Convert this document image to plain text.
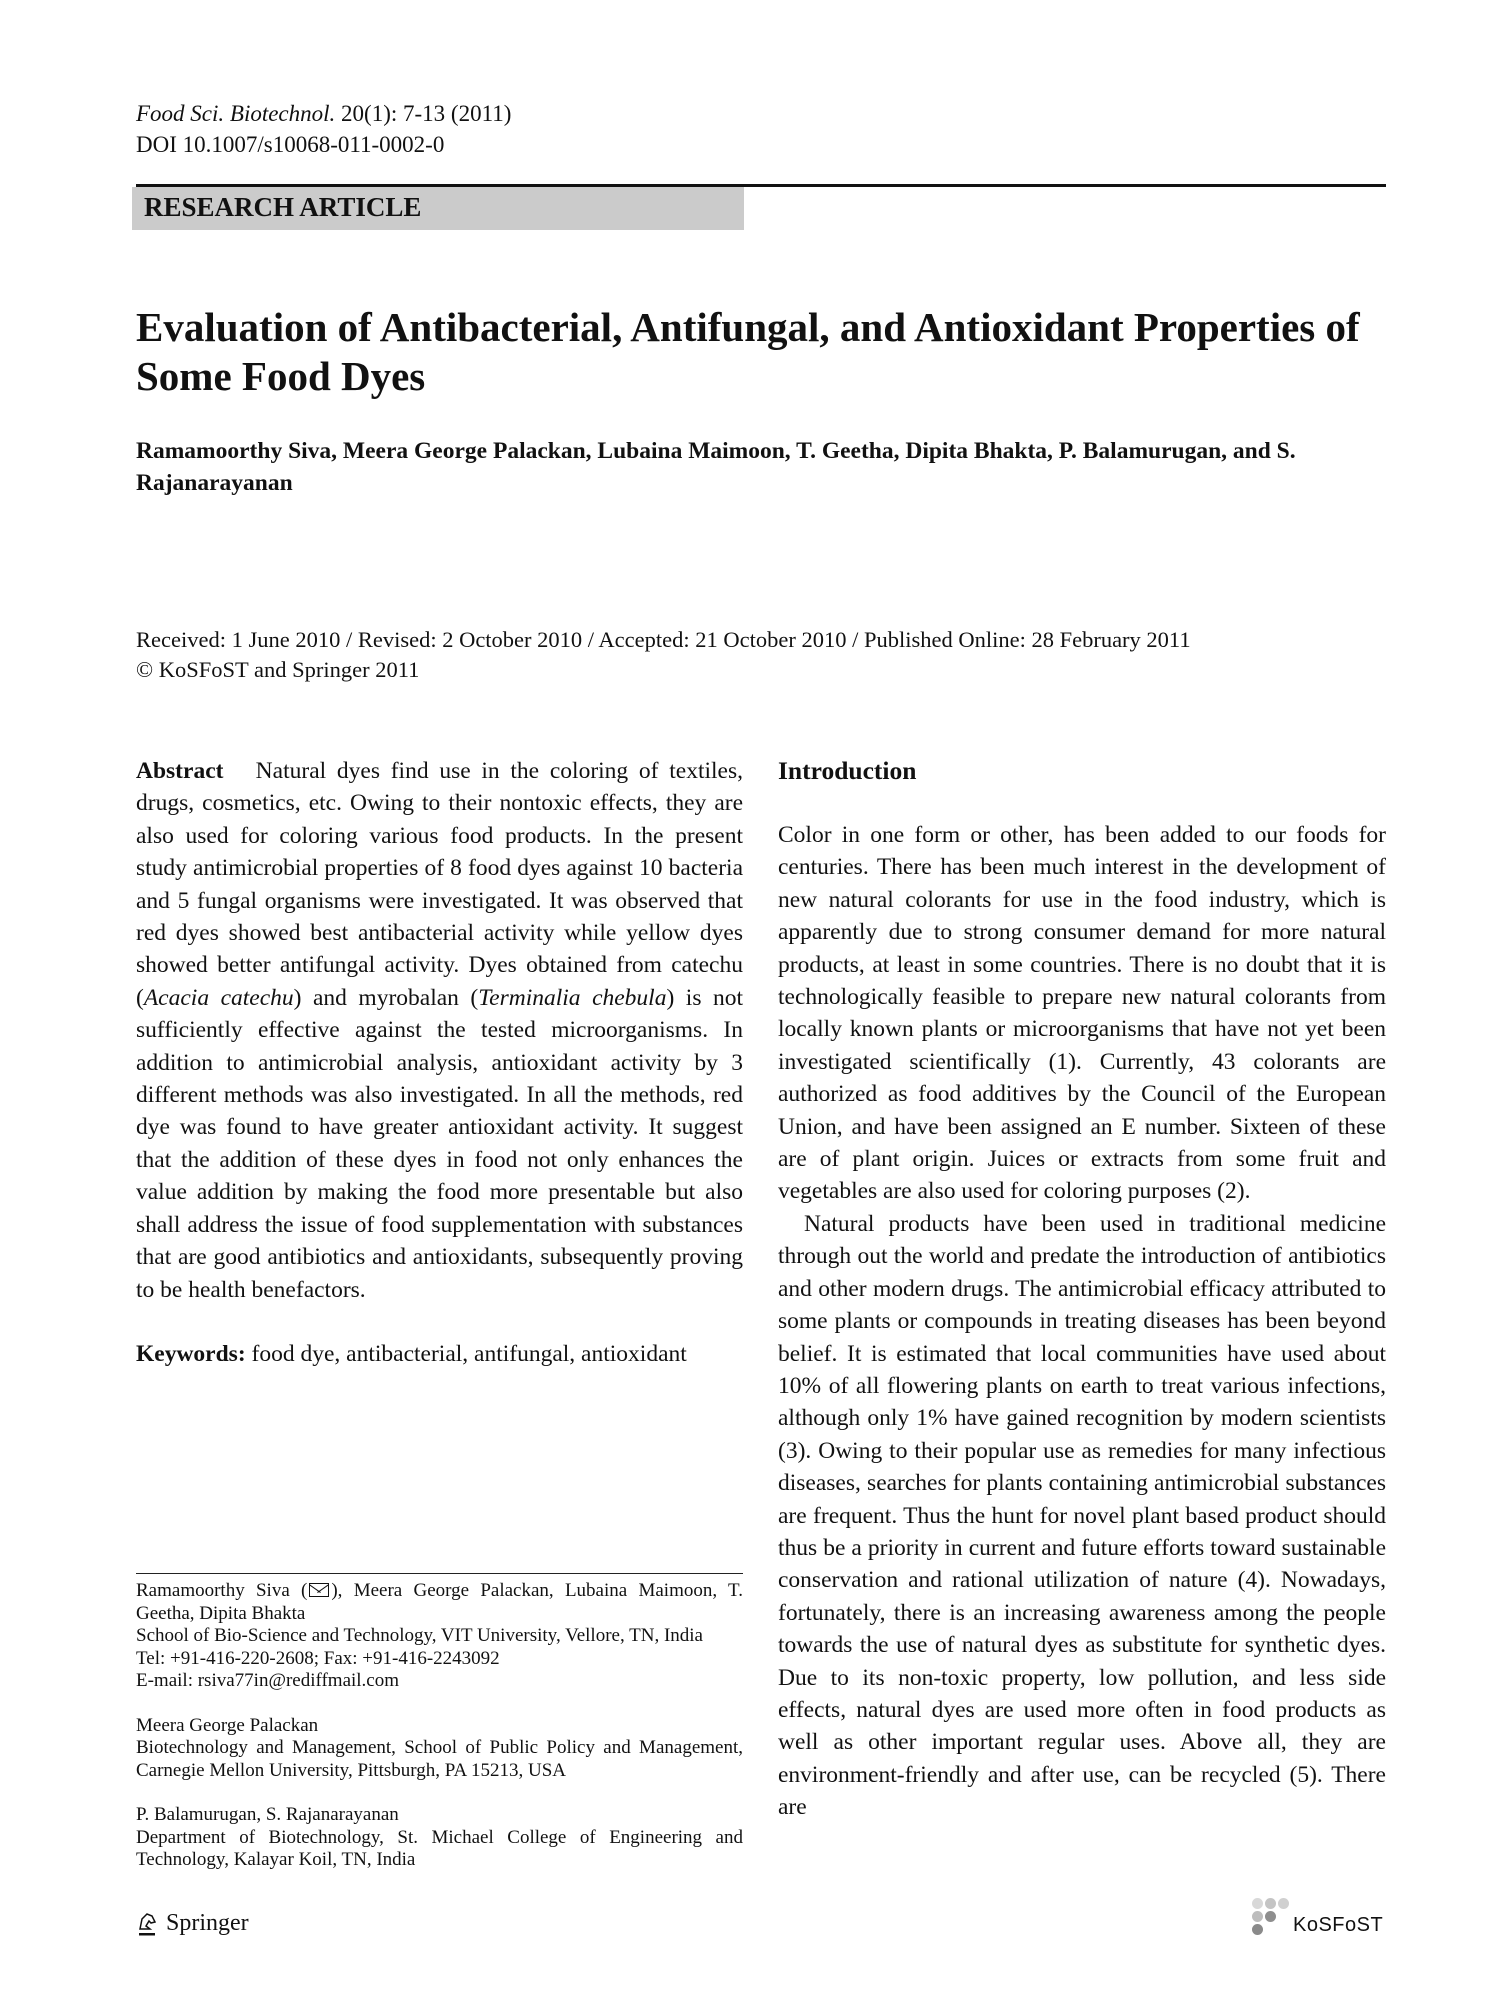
Food Sci. Biotechnol. 20(1): 7-13 (2011)
DOI 10.1007/s10068-011-0002-0
RESEARCH ARTICLE
Evaluation of Antibacterial, Antifungal, and Antioxidant Properties of Some Food Dyes
Ramamoorthy Siva, Meera George Palackan, Lubaina Maimoon, T. Geetha, Dipita Bhakta, P. Balamurugan, and S. Rajanarayanan
Received: 1 June 2010 / Revised: 2 October 2010 / Accepted: 21 October 2010 / Published Online: 28 February 2011
© KoSFoST and Springer 2011

Abstract   Natural dyes find use in the coloring of textiles, drugs, cosmetics, etc. Owing to their nontoxic effects, they are also used for coloring various food products. In the present study antimicrobial properties of 8 food dyes against 10 bacteria and 5 fungal organisms were investigated. It was observed that red dyes showed best antibacterial activity while yellow dyes showed better antifungal activity. Dyes obtained from catechu (Acacia catechu) and myrobalan (Terminalia chebula) is not sufficiently effective against the tested microorganisms. In addition to antimicrobial analysis, antioxidant activity by 3 different methods was also investigated. In all the methods, red dye was found to have greater antioxidant activity. It suggest that the addition of these dyes in food not only enhances the value addition by making the food more presentable but also shall address the issue of food supplementation with substances that are good antibiotics and antioxidants, subsequently proving to be health benefactors.

Keywords: food dye, antibacterial, antifungal, antioxidant

Introduction

Color in one form or other, has been added to our foods for centuries. There has been much interest in the development of new natural colorants for use in the food industry, which is apparently due to strong consumer demand for more natural products, at least in some countries. There is no doubt that it is technologically feasible to prepare new natural colorants from locally known plants or microorganisms that have not yet been investigated scientifically (1). Currently, 43 colorants are authorized as food additives by the Council of the European Union, and have been assigned an E number. Sixteen of these are of plant origin. Juices or extracts from some fruit and vegetables are also used for coloring purposes (2).

Natural products have been used in traditional medicine through out the world and predate the introduction of antibiotics and other modern drugs. The antimicrobial efficacy attributed to some plants or compounds in treating diseases has been beyond belief. It is estimated that local communities have used about 10% of all flowering plants on earth to treat various infections, although only 1% have gained recognition by modern scientists (3). Owing to their popular use as remedies for many infectious diseases, searches for plants containing antimicrobial substances are frequent. Thus the hunt for novel plant based product should thus be a priority in current and future efforts toward sustainable conservation and rational utilization of nature (4). Nowadays, fortunately, there is an increasing awareness among the people towards the use of natural dyes as substitute for synthetic dyes. Due to its non-toxic property, low pollution, and less side effects, natural dyes are used more often in food products as well as other important regular uses. Above all, they are environment-friendly and after use, can be recycled (5). There are

Ramamoorthy Siva ( ), Meera George Palackan, Lubaina Maimoon, T. Geetha, Dipita Bhakta
School of Bio-Science and Technology, VIT University, Vellore, TN, India
Tel: +91-416-220-2608; Fax: +91-416-2243092
E-mail: rsiva77in@rediffmail.com

Meera George Palackan
Biotechnology and Management, School of Public Policy and Management, Carnegie Mellon University, Pittsburgh, PA 15213, USA

P. Balamurugan, S. Rajanarayanan
Department of Biotechnology, St. Michael College of Engineering and Technology, Kalayar Koil, TN, India

Springer	KoSFoST
